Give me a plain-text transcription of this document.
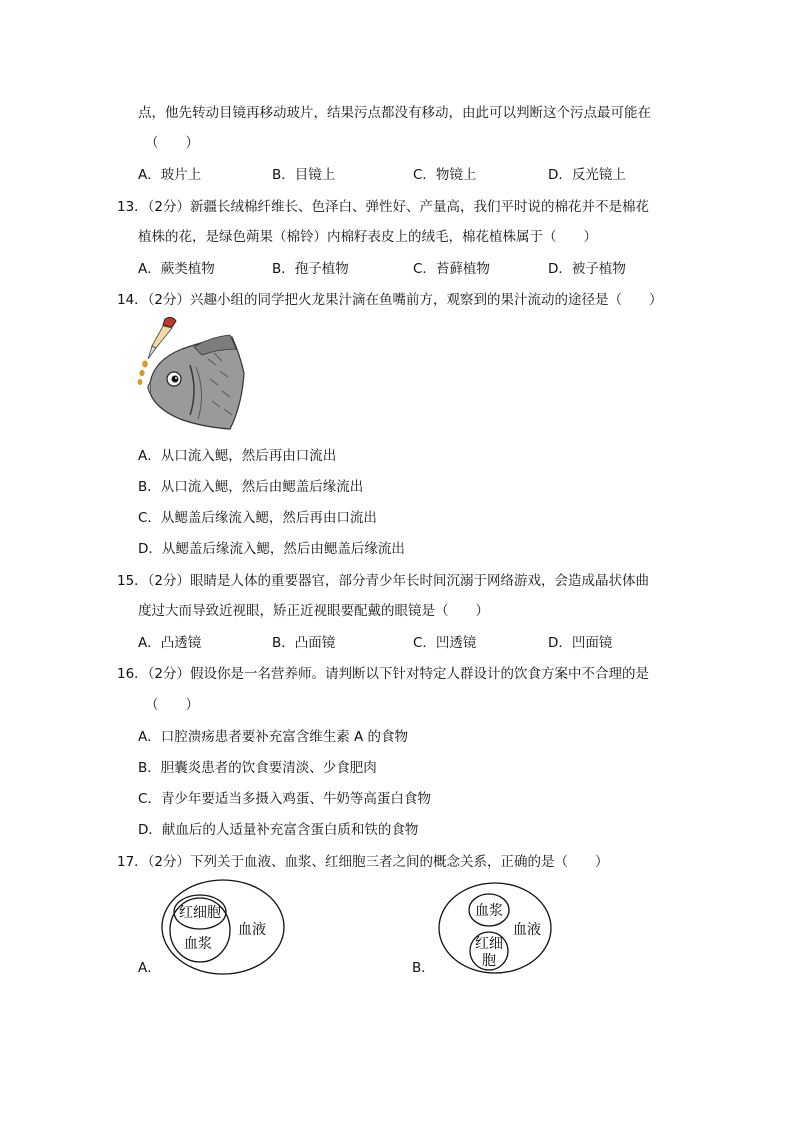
点，他先转动目镜再移动玻片，结果污点都没有移动，由此可以判断这个污点最可能在
（　　）
A．玻片上	B．目镜上	C．物镜上	D．反光镜上
13．（2分）新疆长绒棉纤维长、色泽白、弹性好、产量高，我们平时说的棉花并不是棉花
植株的花，是绿色蒴果（棉铃）内棉籽表皮上的绒毛，棉花植株属于（　　）
A．蕨类植物	B．孢子植物	C．苔藓植物	D．被子植物
14．（2分）兴趣小组的同学把火龙果汁滴在鱼嘴前方，观察到的果汁流动的途径是（　　）
A．从口流入鳃，然后再由口流出
B．从口流入鳃，然后由鳃盖后缘流出
C．从鳃盖后缘流入鳃，然后再由口流出
D．从鳃盖后缘流入鳃，然后由鳃盖后缘流出
15．（2分）眼睛是人体的重要器官，部分青少年长时间沉溺于网络游戏，会造成晶状体曲
度过大而导致近视眼，矫正近视眼要配戴的眼镜是（　　）
A．凸透镜	B．凸面镜	C．凹透镜	D．凹面镜
16．（2分）假设你是一名营养师。请判断以下针对特定人群设计的饮食方案中不合理的是
（　　）
A．口腔溃疡患者要补充富含维生素 A 的食物
B．胆囊炎患者的饮食要清淡、少食肥肉
C．青少年要适当多摄入鸡蛋、牛奶等高蛋白食物
D．献血后的人适量补充富含蛋白质和铁的食物
17．（2分）下列关于血液、血浆、红细胞三者之间的概念关系，正确的是（　　）
A．
红细胞
血浆
血液
B．
血浆
红细
胞
血液
